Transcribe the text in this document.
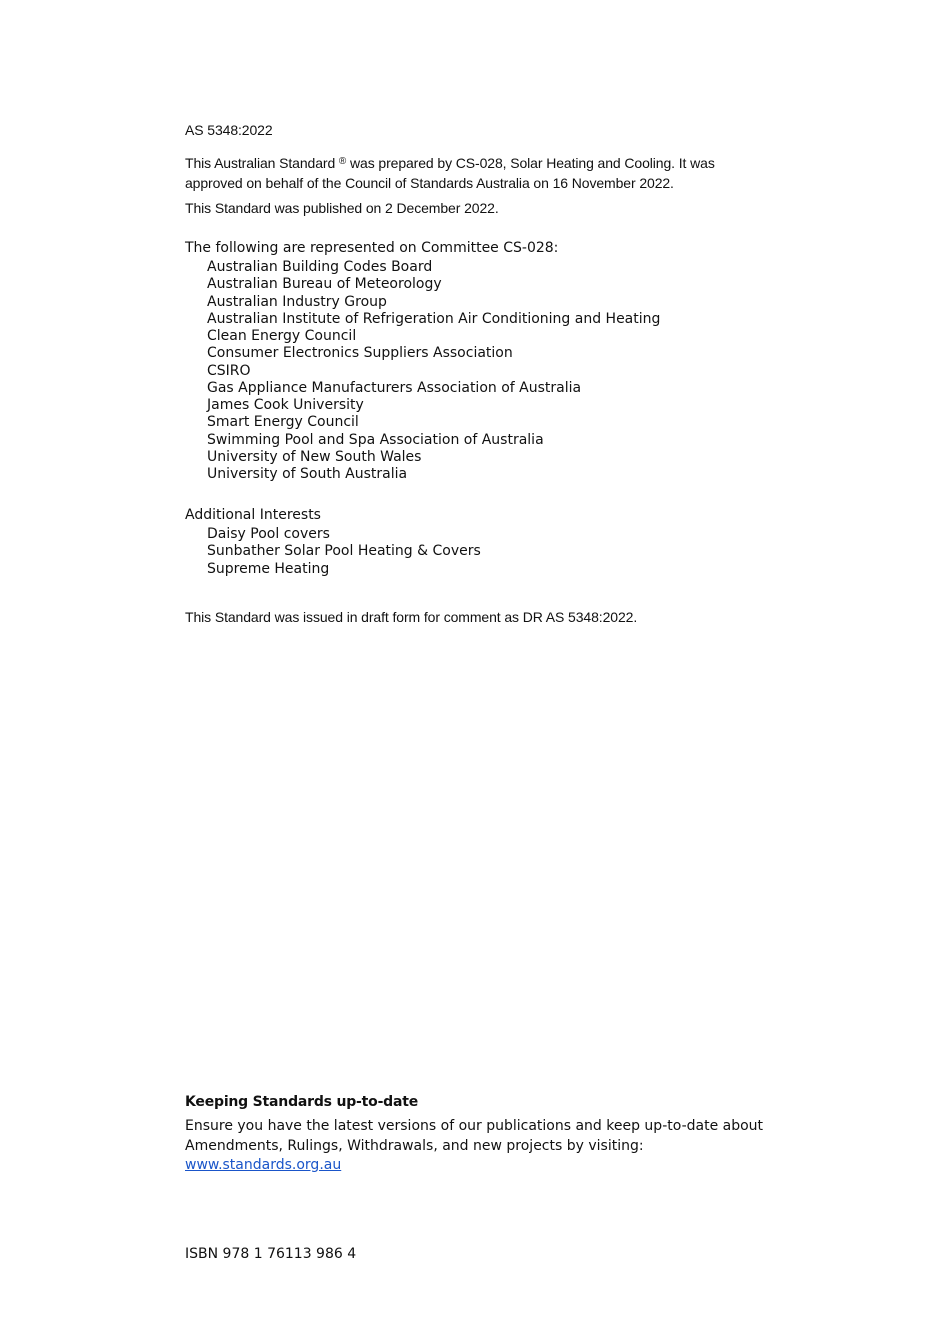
AS 5348:2022

This Australian Standard ® was prepared by CS-028, Solar Heating and Cooling. It was approved on behalf of the Council of Standards Australia on 16 November 2022.

This Standard was published on 2 December 2022.

The following are represented on Committee CS-028:
Australian Building Codes Board
Australian Bureau of Meteorology
Australian Industry Group
Australian Institute of Refrigeration Air Conditioning and Heating
Clean Energy Council
Consumer Electronics Suppliers Association
CSIRO
Gas Appliance Manufacturers Association of Australia
James Cook University
Smart Energy Council
Swimming Pool and Spa Association of Australia
University of New South Wales
University of South Australia
Additional Interests
Daisy Pool covers
Sunbather Solar Pool Heating & Covers
Supreme Heating

This Standard was issued in draft form for comment as DR AS 5348:2022.

Keeping Standards up-to-date

Ensure you have the latest versions of our publications and keep up-to-date about Amendments, Rulings, Withdrawals, and new projects by visiting:

www.standards.org.au

ISBN 978 1 76113 986 4
